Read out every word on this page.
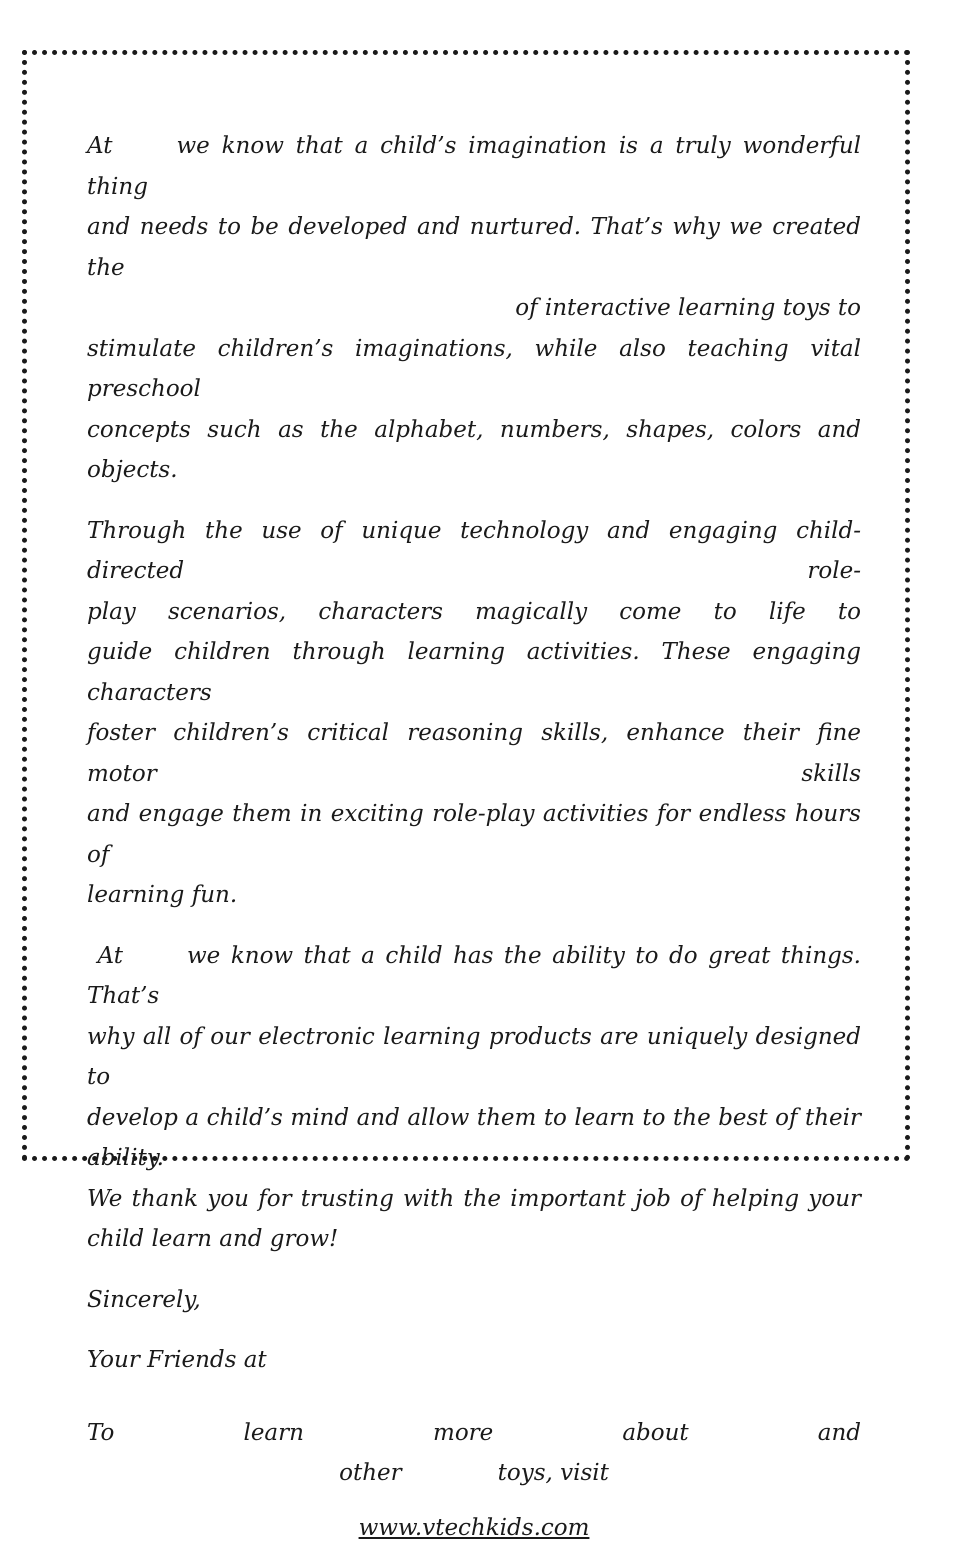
At	we know that a child’s imagination is a truly wonderful thing
and needs to be developed and nurtured. That’s why we created the
of interactive learning toys to
stimulate children’s imaginations, while also teaching vital preschool
concepts such as the alphabet, numbers, shapes, colors and objects.

Through the use of unique technology and engaging child-directed role-
play scenarios, characters magically come to life to
guide children through learning activities. These engaging characters
foster children’s critical reasoning skills, enhance their fine motor skills
and engage them in exciting role-play activities for endless hours of
learning fun.

At	we know that a child has the ability to do great things. That’s
why all of our electronic learning products are uniquely designed to
develop a child’s mind and allow them to learn to the best of their ability.
We thank you for trusting with the important job of helping your
child learn and grow!

Sincerely,

Your Friends at

To learn more about	and
other	toys, visit
www.vtechkids.com
